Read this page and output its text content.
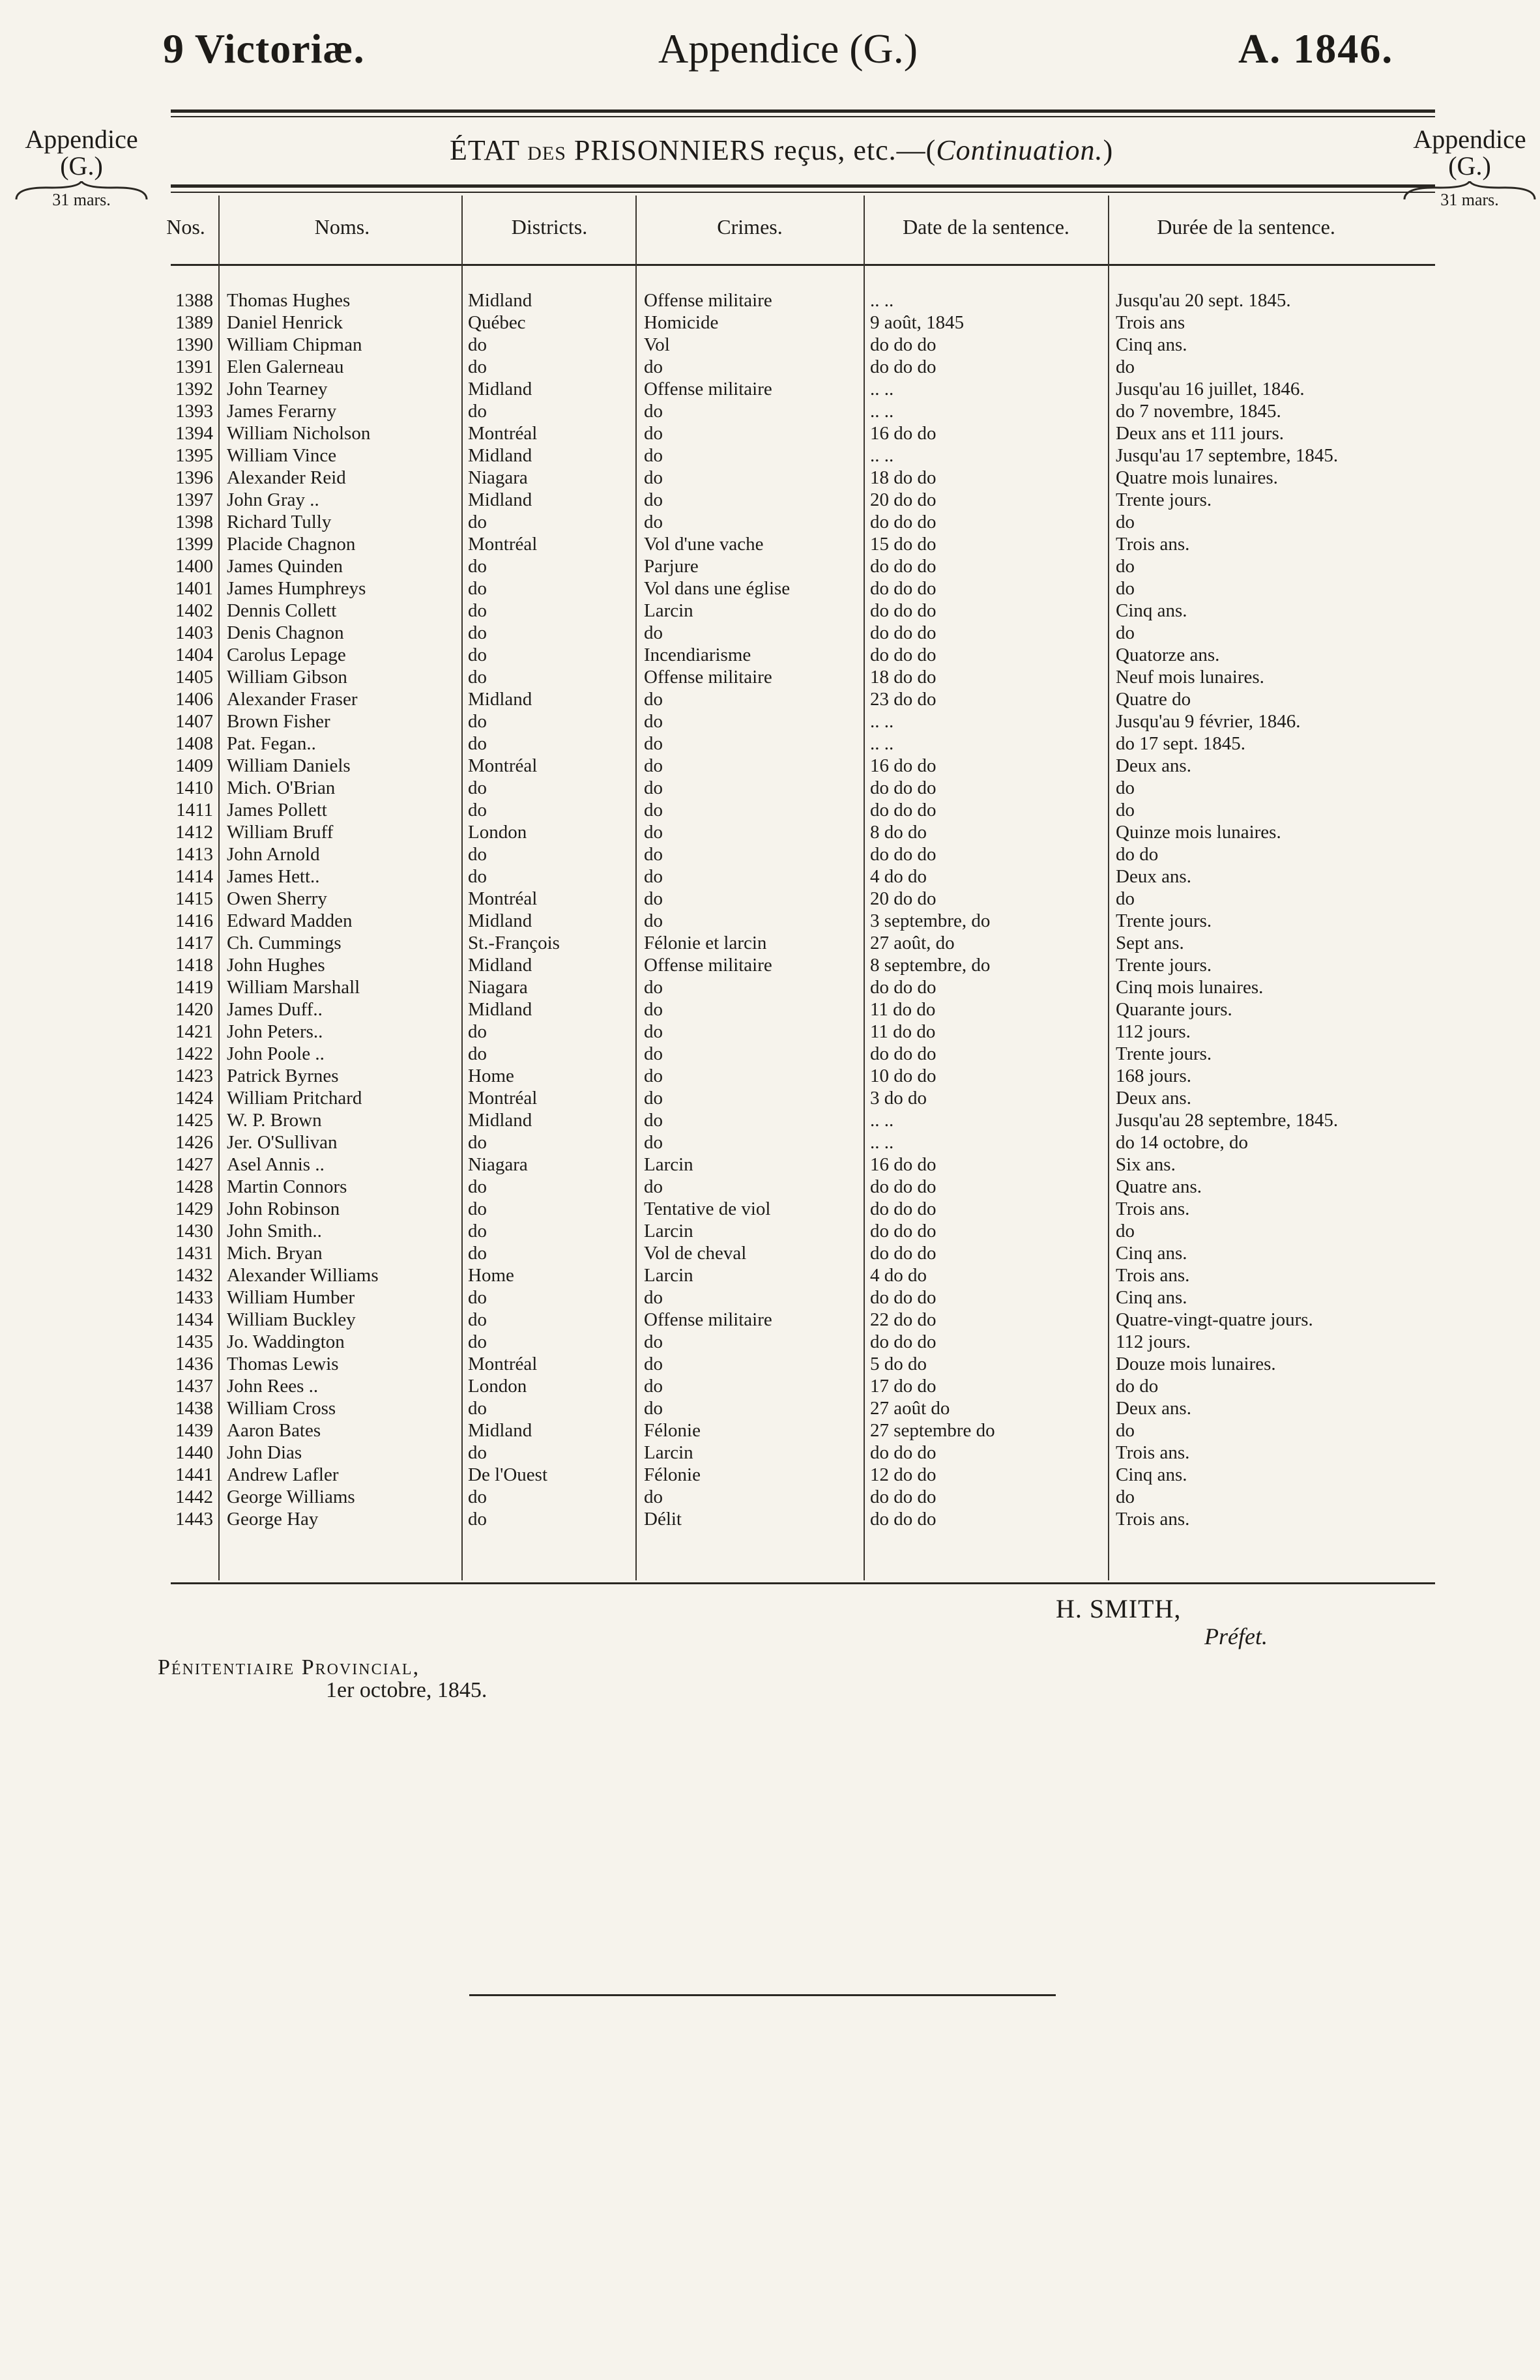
9 Victoriæ.	Appendice (G.)	A. 1846.
Appendice
(G.)
31 mars.
Appendice
(G.)
31 mars.
ÉTAT DES PRISONNIERS reçus, etc.—(Continuation.)
Nos.	Noms.	Districts.	Crimes.	Date de la sentence.	Durée de la sentence.
1388 Thomas Hughes	Midland	Offense militaire	.. ..	Jusqu'au 20 sept. 1845.
1389 Daniel Henrick	Québec	Homicide	9 août, 1845	Trois ans
1390 William Chipman	do	Vol	do do do	Cinq ans.
1391 Elen Galerneau	do	do	do do do	do
1392 John Tearney	Midland	Offense militaire	.. ..	Jusqu'au 16 juillet, 1846.
1393 James Ferarny	do	do	.. ..	do 7 novembre, 1845.
1394 William Nicholson	Montréal	do	16 do do	Deux ans et 111 jours.
1395 William Vince	Midland	do	.. ..	Jusqu'au 17 septembre, 1845.
1396 Alexander Reid	Niagara	do	18 do do	Quatre mois lunaires.
1397 John Gray ..	Midland	do	20 do do	Trente jours.
1398 Richard Tully	do	do	do do do	do
1399 Placide Chagnon	Montréal	Vol d'une vache	15 do do	Trois ans.
1400 James Quinden	do	Parjure	do do do	do
1401 James Humphreys	do	Vol dans une église	do do do	do
1402 Dennis Collett	do	Larcin	do do do	Cinq ans.
1403 Denis Chagnon	do	do	do do do	do
1404 Carolus Lepage	do	Incendiarisme	do do do	Quatorze ans.
1405 William Gibson	do	Offense militaire	18 do do	Neuf mois lunaires.
1406 Alexander Fraser	Midland	do	23 do do	Quatre do
1407 Brown Fisher	do	do	.. ..	Jusqu'au 9 février, 1846.
1408 Pat. Fegan..	do	do	.. ..	do 17 sept. 1845.
1409 William Daniels	Montréal	do	16 do do	Deux ans.
1410 Mich. O'Brian	do	do	do do do	do
1411 James Pollett	do	do	do do do	do
1412 William Bruff	London	do	8 do do	Quinze mois lunaires.
1413 John Arnold	do	do	do do do	do do
1414 James Hett..	do	do	4 do do	Deux ans.
1415 Owen Sherry	Montréal	do	20 do do	do
1416 Edward Madden	Midland	do	3 septembre, do	Trente jours.
1417 Ch. Cummings	St.-François	Félonie et larcin	27 août, do	Sept ans.
1418 John Hughes	Midland	Offense militaire	8 septembre, do	Trente jours.
1419 William Marshall	Niagara	do	do do do	Cinq mois lunaires.
1420 James Duff..	Midland	do	11 do do	Quarante jours.
1421 John Peters..	do	do	11 do do	112 jours.
1422 John Poole ..	do	do	do do do	Trente jours.
1423 Patrick Byrnes	Home	do	10 do do	168 jours.
1424 William Pritchard	Montréal	do	3 do do	Deux ans.
1425 W. P. Brown	Midland	do	.. ..	Jusqu'au 28 septembre, 1845.
1426 Jer. O'Sullivan	do	do	.. ..	do 14 octobre, do
1427 Asel Annis ..	Niagara	Larcin	16 do do	Six ans.
1428 Martin Connors	do	do	do do do	Quatre ans.
1429 John Robinson	do	Tentative de viol	do do do	Trois ans.
1430 John Smith..	do	Larcin	do do do	do
1431 Mich. Bryan	do	Vol de cheval	do do do	Cinq ans.
1432 Alexander Williams	Home	Larcin	4 do do	Trois ans.
1433 William Humber	do	do	do do do	Cinq ans.
1434 William Buckley	do	Offense militaire	22 do do	Quatre-vingt-quatre jours.
1435 Jo. Waddington	do	do	do do do	112 jours.
1436 Thomas Lewis	Montréal	do	5 do do	Douze mois lunaires.
1437 John Rees ..	London	do	17 do do	do do
1438 William Cross	do	do	27 août do	Deux ans.
1439 Aaron Bates	Midland	Félonie	27 septembre do	do
1440 John Dias	do	Larcin	do do do	Trois ans.
1441 Andrew Lafler	De l'Ouest	Félonie	12 do do	Cinq ans.
1442 George Williams	do	do	do do do	do
1443 George Hay	do	Délit	do do do	Trois ans.
H. SMITH,
Préfet.
Pénitentiaire Provincial,
1er octobre, 1845.
